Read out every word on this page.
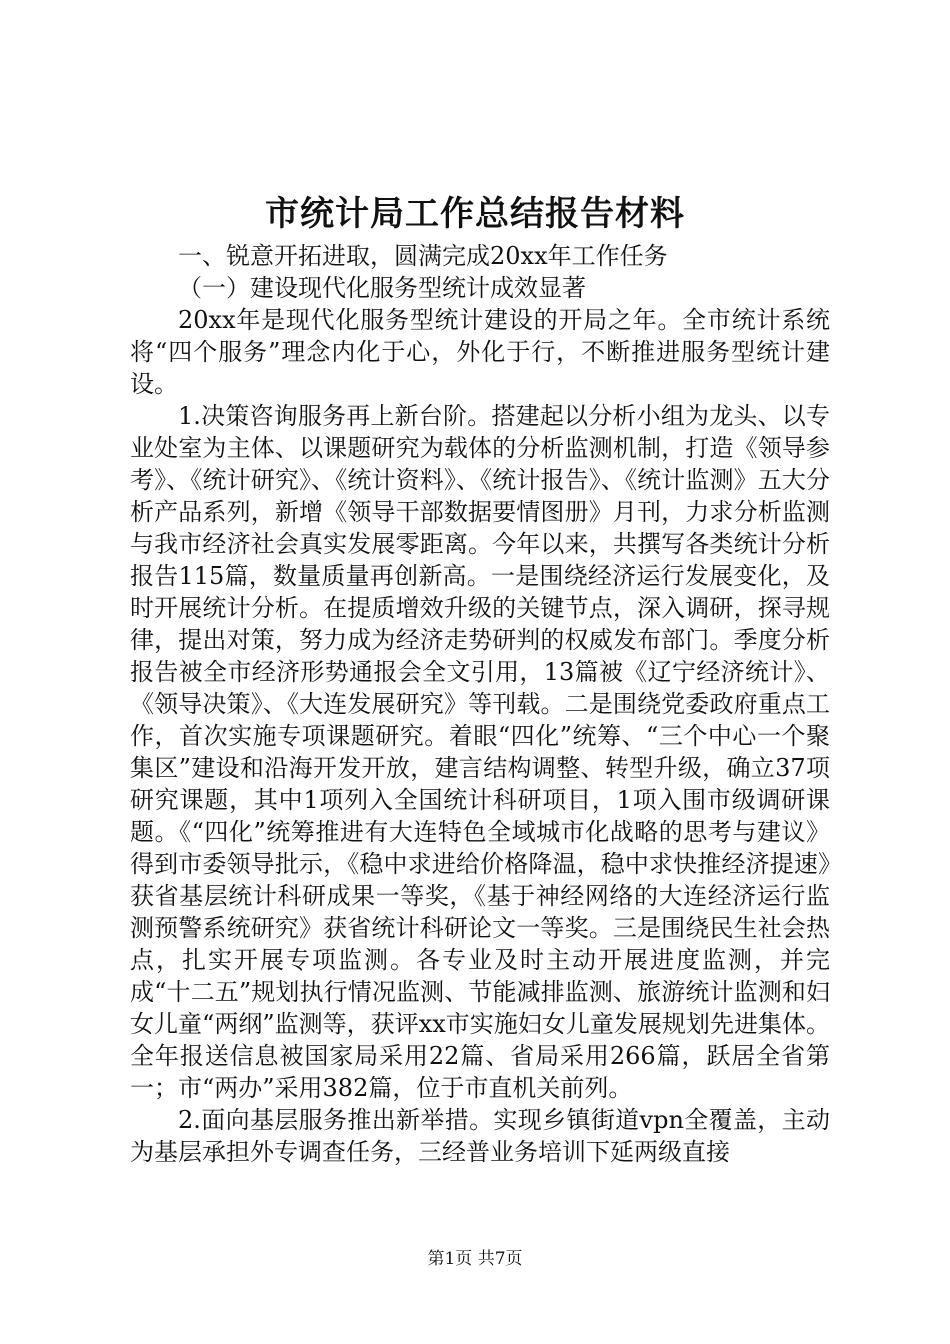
市统计局工作总结报告材料

一、锐意开拓进取，圆满完成20xx年工作任务

（一）建设现代化服务型统计成效显著

20xx年是现代化服务型统计建设的开局之年。全市统计系统将“四个服务”理念内化于心，外化于行，不断推进服务型统计建设。

1.决策咨询服务再上新台阶。搭建起以分析小组为龙头、以专业处室为主体、以课题研究为载体的分析监测机制，打造《领导参考》、《统计研究》、《统计资料》、《统计报告》、《统计监测》五大分析产品系列，新增《领导干部数据要情图册》月刊，力求分析监测与我市经济社会真实发展零距离。今年以来，共撰写各类统计分析报告115篇，数量质量再创新高。一是围绕经济运行发展变化，及时开展统计分析。在提质增效升级的关键节点，深入调研，探寻规律，提出对策，努力成为经济走势研判的权威发布部门。季度分析报告被全市经济形势通报会全文引用，13篇被《辽宁经济统计》、《领导决策》、《大连发展研究》等刊载。二是围绕党委政府重点工作，首次实施专项课题研究。着眼“四化”统筹、“三个中心一个聚集区”建设和沿海开发开放，建言结构调整、转型升级，确立37项研究课题，其中1项列入全国统计科研项目，1项入围市级调研课题。《“四化”统筹推进有大连特色全域城市化战略的思考与建议》得到市委领导批示，《稳中求进给价格降温，稳中求快推经济提速》获省基层统计科研成果一等奖，《基于神经网络的大连经济运行监测预警系统研究》获省统计科研论文一等奖。三是围绕民生社会热点，扎实开展专项监测。各专业及时主动开展进度监测，并完成“十二五”规划执行情况监测、节能减排监测、旅游统计监测和妇女儿童“两纲”监测等，获评xx市实施妇女儿童发展规划先进集体。全年报送信息被国家局采用22篇、省局采用266篇，跃居全省第一；市“两办”采用382篇，位于市直机关前列。

2.面向基层服务推出新举措。实现乡镇街道vpn全覆盖，主动为基层承担外专调查任务，三经普业务培训下延两级直接

第1页 共7页
